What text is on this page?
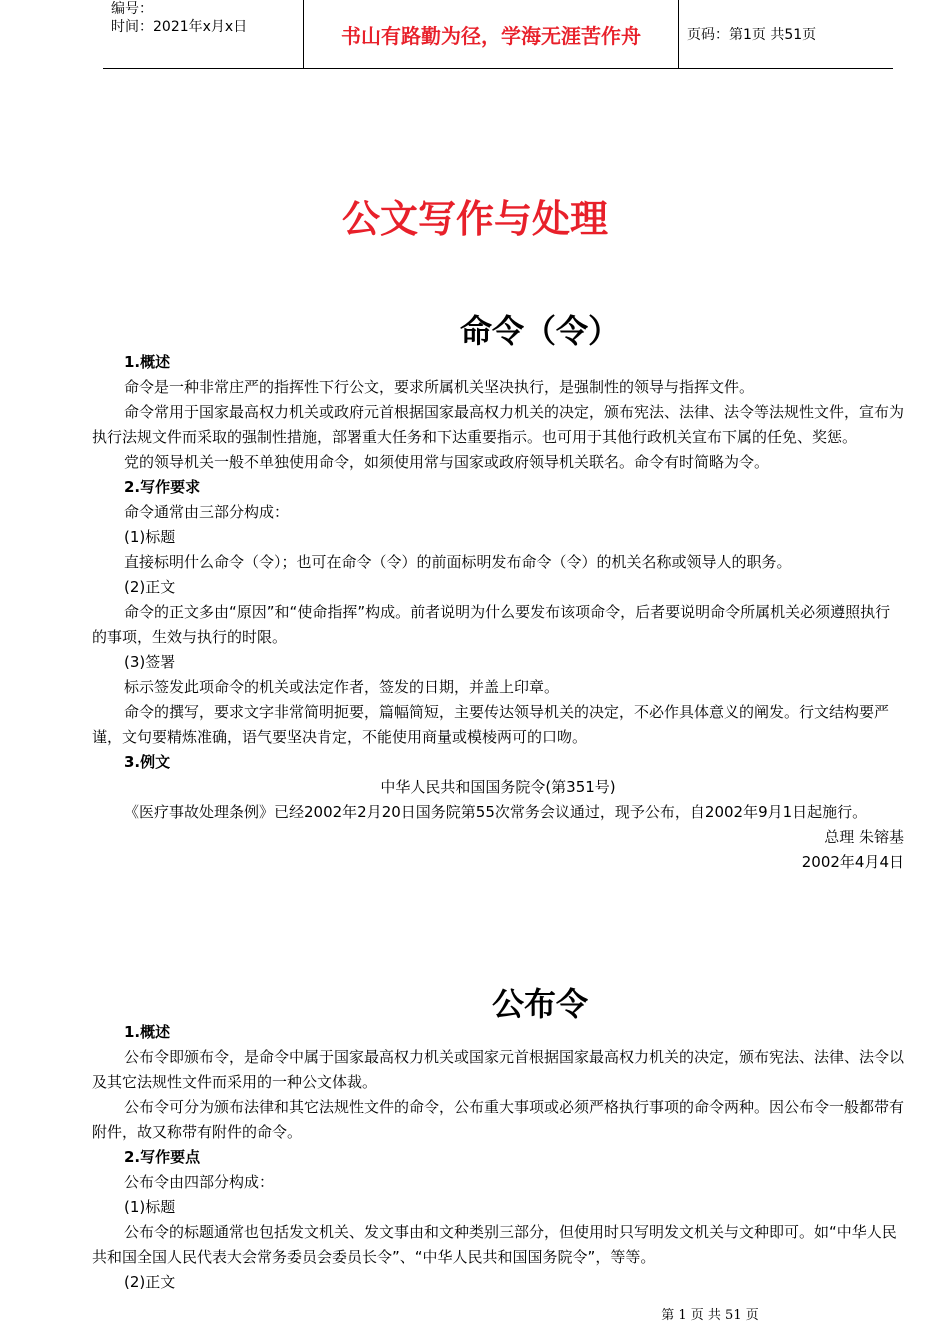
编号：
时间：2021年x月x日	书山有路勤为径，学海无涯苦作舟	页码：第1页 共51页
公文写作与处理
命令（令）

1.概述

命令是一种非常庄严的指挥性下行公文，要求所属机关坚决执行，是强制性的领导与指挥文件。

命令常用于国家最高权力机关或政府元首根据国家最高权力机关的决定，颁布宪法、法律、法令等法规性文件，宣布为执行法规文件而采取的强制性措施，部署重大任务和下达重要指示。也可用于其他行政机关宣布下属的任免、奖惩。

党的领导机关一般不单独使用命令，如须使用常与国家或政府领导机关联名。命令有时简略为令。

2.写作要求

命令通常由三部分构成：

(1)标题

直接标明什么命令（令）；也可在命令（令）的前面标明发布命令（令）的机关名称或领导人的职务。

(2)正文

命令的正文多由“原因”和“使命指挥”构成。前者说明为什么要发布该项命令，后者要说明命令所属机关必须遵照执行的事项，生效与执行的时限。

(3)签署

标示签发此项命令的机关或法定作者，签发的日期，并盖上印章。

命令的撰写，要求文字非常简明扼要，篇幅简短，主要传达领导机关的决定，不必作具体意义的阐发。行文结构要严谨，文句要精炼准确，语气要坚决肯定，不能使用商量或模棱两可的口吻。

3.例文

中华人民共和国国务院令(第351号)

《医疗事故处理条例》已经2002年2月20日国务院第55次常务会议通过，现予公布，自2002年9月1日起施行。

总理 朱镕基

2002年4月4日

公布令

1.概述

公布令即颁布令，是命令中属于国家最高权力机关或国家元首根据国家最高权力机关的决定，颁布宪法、法律、法令以及其它法规性文件而采用的一种公文体裁。

公布令可分为颁布法律和其它法规性文件的命令，公布重大事项或必须严格执行事项的命令两种。因公布令一般都带有附件，故又称带有附件的命令。

2.写作要点

公布令由四部分构成：

(1)标题

公布令的标题通常也包括发文机关、发文事由和文种类别三部分，但使用时只写明发文机关与文种即可。如“中华人民共和国全国人民代表大会常务委员会委员长令”、“中华人民共和国国务院令”，等等。

(2)正文

第 1 页 共 51 页
